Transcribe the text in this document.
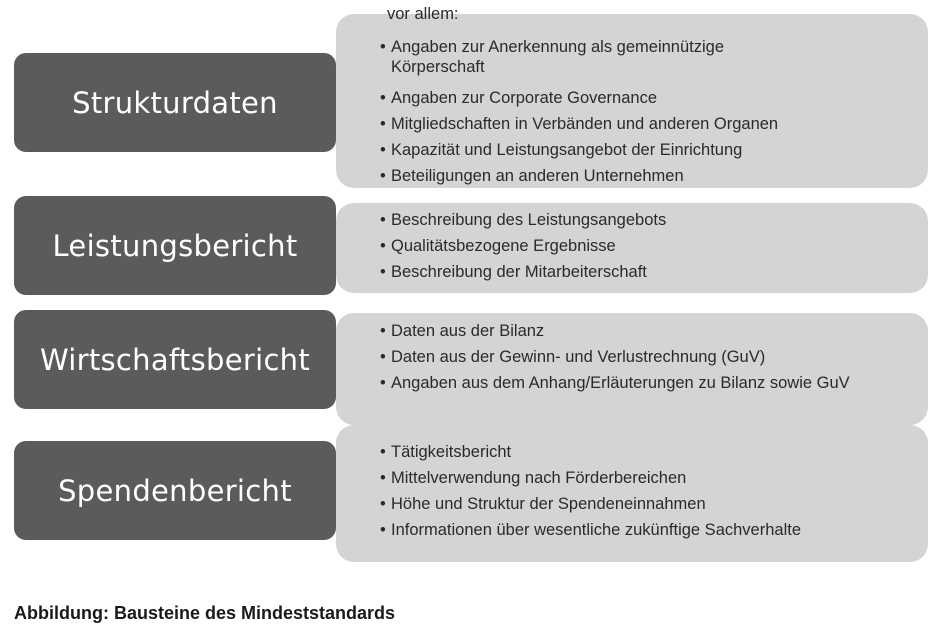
Strukturdaten
vor allem:
• Angaben zur Anerkennung als gemeinnützige Körperschaft
• Angaben zur Corporate Governance
• Mitgliedschaften in Verbänden und anderen Organen
• Kapazität und Leistungsangebot der Einrichtung
• Beteiligungen an anderen Unternehmen
Leistungsbericht
• Beschreibung des Leistungsangebots
• Qualitätsbezogene Ergebnisse
• Beschreibung der Mitarbeiterschaft
Wirtschaftsbericht
• Daten aus der Bilanz
• Daten aus der Gewinn- und Verlustrechnung (GuV)
• Angaben aus dem Anhang/Erläuterungen zu Bilanz sowie GuV
Spendenbericht
• Tätigkeitsbericht
• Mittelverwendung nach Förderbereichen
• Höhe und Struktur der Spendeneinnahmen
• Informationen über wesentliche zukünftige Sachverhalte
Abbildung: Bausteine des Mindeststandards
